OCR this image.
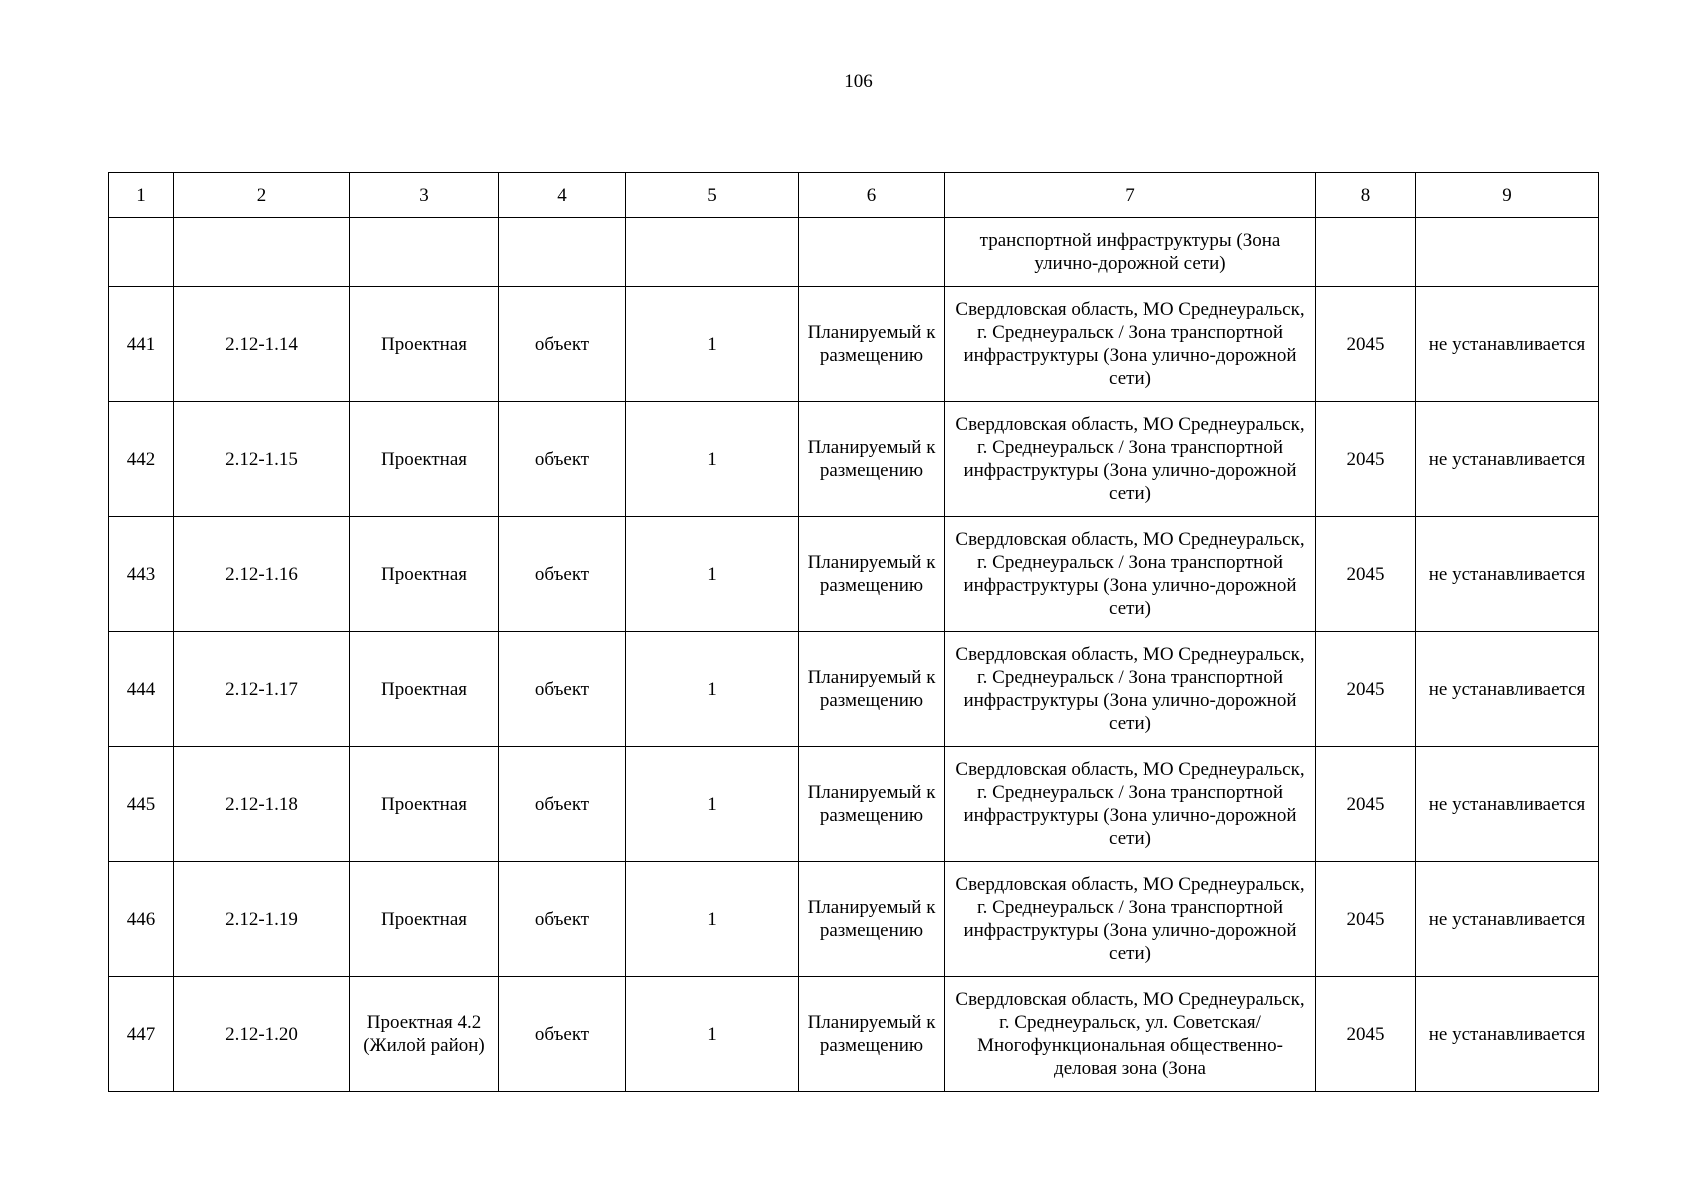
106
1	2	3	4	5	6	7	8	9
						транспортной инфраструктуры (Зона улично-дорожной сети)		
441	2.12-1.14	Проектная	объект	1	Планируемый к размещению	Свердловская область, МО Среднеуральск, г. Среднеуральск / Зона транспортной инфраструктуры (Зона улично-дорожной сети)	2045	не устанавливается
442	2.12-1.15	Проектная	объект	1	Планируемый к размещению	Свердловская область, МО Среднеуральск, г. Среднеуральск / Зона транспортной инфраструктуры (Зона улично-дорожной сети)	2045	не устанавливается
443	2.12-1.16	Проектная	объект	1	Планируемый к размещению	Свердловская область, МО Среднеуральск, г. Среднеуральск / Зона транспортной инфраструктуры (Зона улично-дорожной сети)	2045	не устанавливается
444	2.12-1.17	Проектная	объект	1	Планируемый к размещению	Свердловская область, МО Среднеуральск, г. Среднеуральск / Зона транспортной инфраструктуры (Зона улично-дорожной сети)	2045	не устанавливается
445	2.12-1.18	Проектная	объект	1	Планируемый к размещению	Свердловская область, МО Среднеуральск, г. Среднеуральск / Зона транспортной инфраструктуры (Зона улично-дорожной сети)	2045	не устанавливается
446	2.12-1.19	Проектная	объект	1	Планируемый к размещению	Свердловская область, МО Среднеуральск, г. Среднеуральск / Зона транспортной инфраструктуры (Зона улично-дорожной сети)	2045	не устанавливается
447	2.12-1.20	Проектная 4.2 (Жилой район)	объект	1	Планируемый к размещению	Свердловская область, МО Среднеуральск, г. Среднеуральск, ул. Советская/Многофункциональная общественно-деловая зона (Зона	2045	не устанавливается
